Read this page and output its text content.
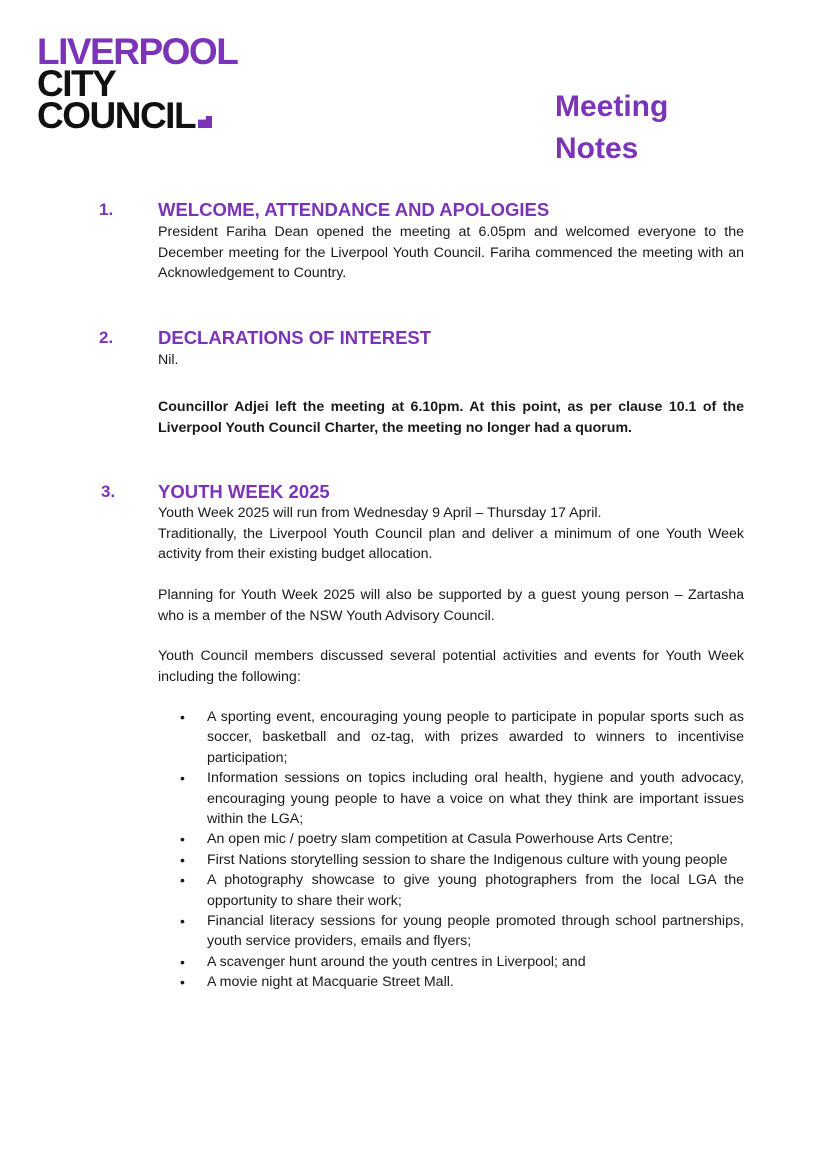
LIVERPOOL
CITY
COUNCIL	Meeting
Notes
1. WELCOME, ATTENDANCE AND APOLOGIES
President Fariha Dean opened the meeting at 6.05pm and welcomed everyone to the December meeting for the Liverpool Youth Council. Fariha commenced the meeting with an Acknowledgement to Country.
2. DECLARATIONS OF INTEREST
Nil.
Councillor Adjei left the meeting at 6.10pm. At this point, as per clause 10.1 of the Liverpool Youth Council Charter, the meeting no longer had a quorum.
3. YOUTH WEEK 2025
Youth Week 2025 will run from Wednesday 9 April – Thursday 17 April.
Traditionally, the Liverpool Youth Council plan and deliver a minimum of one Youth Week activity from their existing budget allocation.
Planning for Youth Week 2025 will also be supported by a guest young person – Zartasha who is a member of the NSW Youth Advisory Council.
Youth Council members discussed several potential activities and events for Youth Week including the following:
• A sporting event, encouraging young people to participate in popular sports such as soccer, basketball and oz-tag, with prizes awarded to winners to incentivise participation;
• Information sessions on topics including oral health, hygiene and youth advocacy, encouraging young people to have a voice on what they think are important issues within the LGA;
• An open mic / poetry slam competition at Casula Powerhouse Arts Centre;
• First Nations storytelling session to share the Indigenous culture with young people
• A photography showcase to give young photographers from the local LGA the opportunity to share their work;
• Financial literacy sessions for young people promoted through school partnerships, youth service providers, emails and flyers;
• A scavenger hunt around the youth centres in Liverpool; and
• A movie night at Macquarie Street Mall.
